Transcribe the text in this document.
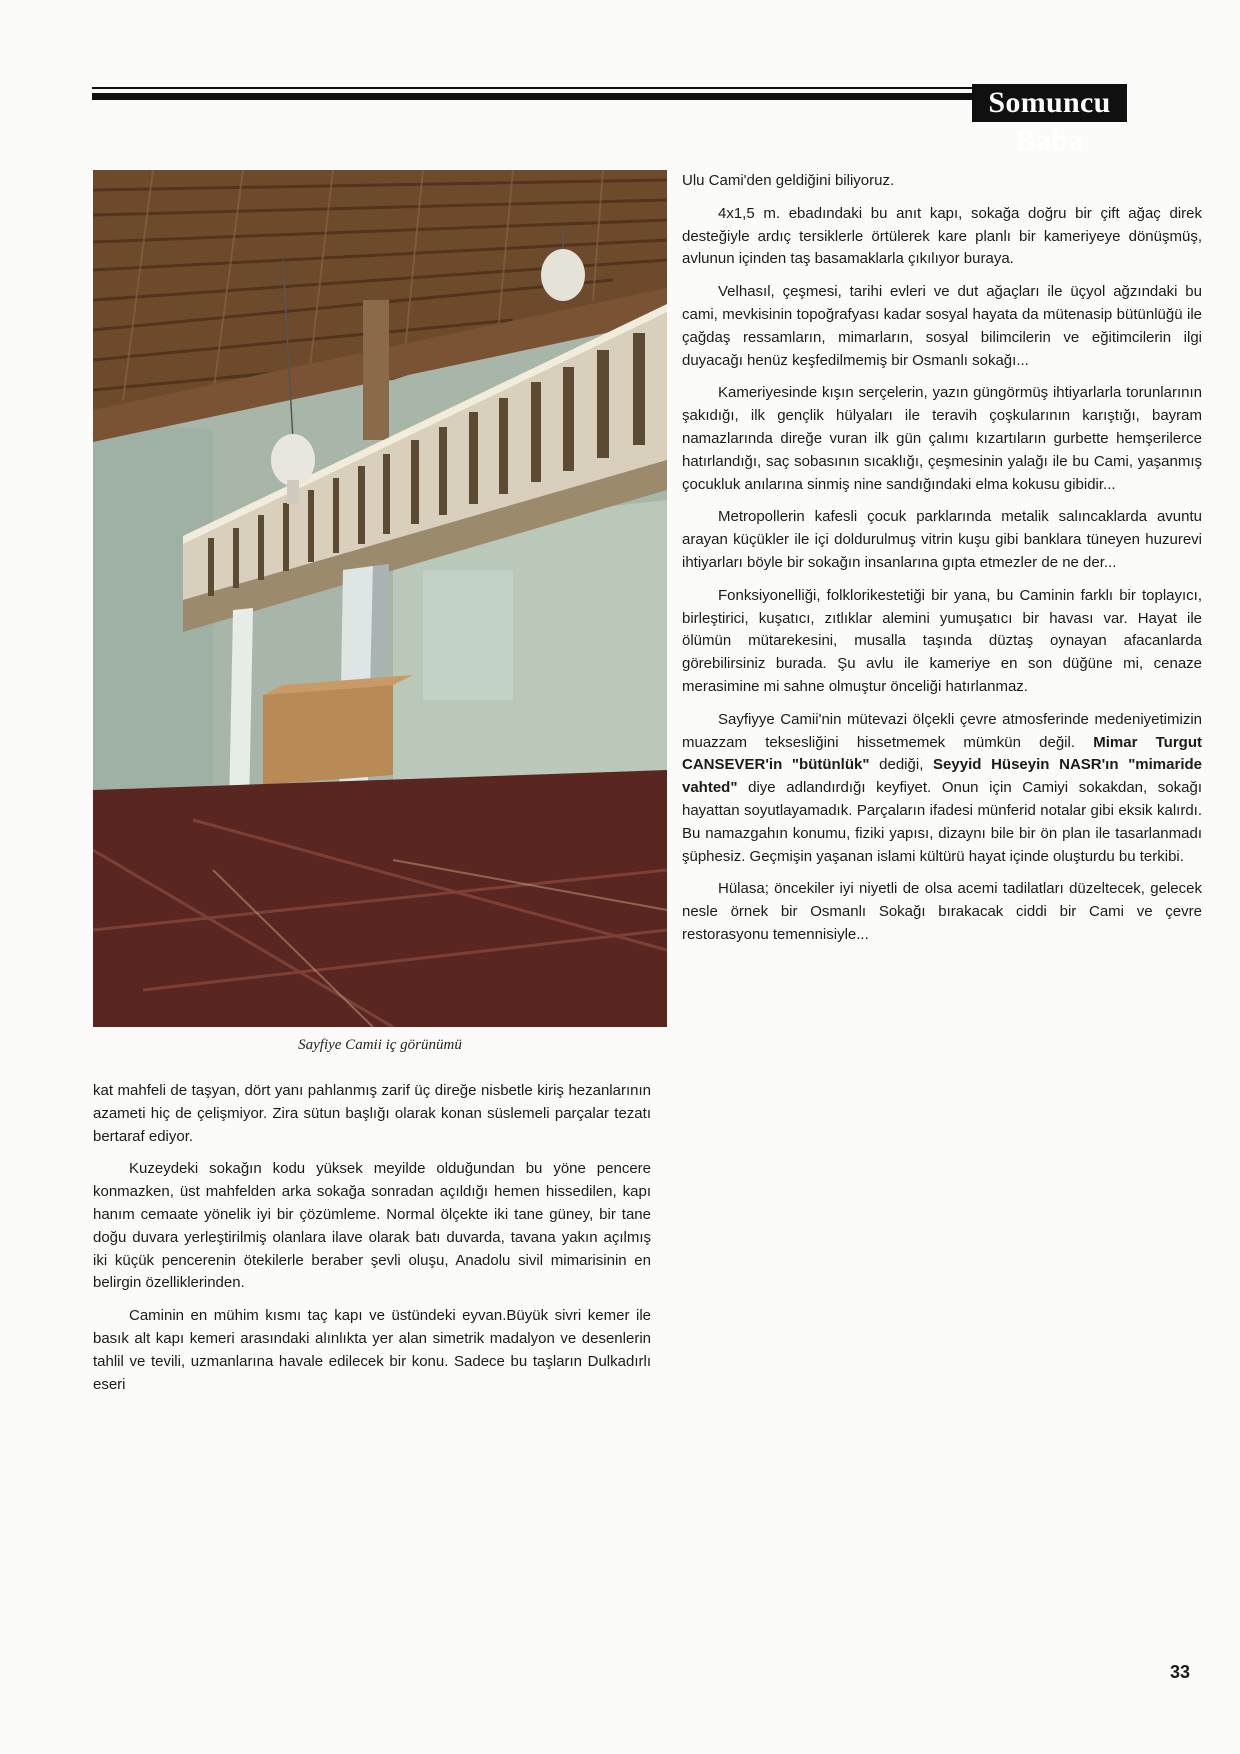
Somuncu Baba
Sayfiye Camii iç görünümü

kat mahfeli de taşyan, dört yanı pahlanmış zarif üç direğe nisbetle kiriş hezanlarının azameti hiç de çelişmiyor. Zira sütun başlığı olarak konan süslemeli parçalar tezatı bertaraf ediyor.

Kuzeydeki sokağın kodu yüksek meyilde olduğundan bu yöne pencere konmazken, üst mahfelden arka sokağa sonradan açıldığı hemen hissedilen, kapı hanım cemaate yönelik iyi bir çözümleme. Normal ölçekte iki tane güney, bir tane doğu duvara yerleştirilmiş olanlara ilave olarak batı duvarda, tavana yakın açılmış iki küçük pencerenin ötekilerle beraber şevli oluşu, Anadolu sivil mimarisinin en belirgin özelliklerinden.

Caminin en mühim kısmı taç kapı ve üstündeki eyvan.Büyük sivri kemer ile basık alt kapı kemeri arasındaki alınlıkta yer alan simetrik madalyon ve desenlerin tahlil ve tevili, uzmanlarına havale edilecek bir konu. Sadece bu taşların Dulkadırlı eseri

Ulu Cami'den geldiğini biliyoruz.

4x1,5 m. ebadındaki bu anıt kapı, sokağa doğru bir çift ağaç direk desteğiyle ardıç tersiklerle örtülerek kare planlı bir kameriyeye dönüşmüş, avlunun içinden taş basamaklarla çıkılıyor buraya.

Velhasıl, çeşmesi, tarihi evleri ve dut ağaçları ile üçyol ağzındaki bu cami, mevkisinin topoğrafyası kadar sosyal hayata da mütenasip bütünlüğü ile çağdaş ressamların, mimarların, sosyal bilimcilerin ve eğitimcilerin ilgi duyacağı henüz keşfedilmemiş bir Osmanlı sokağı...

Kameriyesinde kışın serçelerin, yazın güngörmüş ihtiyarlarla torunlarının şakıdığı, ilk gençlik hülyaları ile teravih çoşkularının karıştığı, bayram namazlarında direğe vuran ilk gün çalımı kızartıların gurbette hemşerilerce hatırlandığı, saç sobasının sıcaklığı, çeşmesinin yalağı ile bu Cami, yaşanmış çocukluk anılarına sinmiş nine sandığındaki elma kokusu gibidir...

Metropollerin kafesli çocuk parklarında metalik salıncaklarda avuntu arayan küçükler ile içi doldurulmuş vitrin kuşu gibi banklara tüneyen huzurevi ihtiyarları böyle bir sokağın insanlarına gıpta etmezler de ne der...

Fonksiyonelliği, folklorikestetiği bir yana, bu Caminin farklı bir toplayıcı, birleştirici, kuşatıcı, zıtlıklar alemini yumuşatıcı bir havası var. Hayat ile ölümün mütarekesini, musalla taşında düztaş oynayan afacanlarda görebilirsiniz burada. Şu avlu ile kameriye en son düğüne mi, cenaze merasimine mi sahne olmuştur önceliği hatırlanmaz.

Sayfiyye Camii'nin mütevazi ölçekli çevre atmosferinde medeniyetimizin muazzam teksesliğini hissetmemek mümkün değil. Mimar Turgut CANSEVER'in "bütünlük" dediği, Seyyid Hüseyin NASR'ın "mimaride vahted" diye adlandırdığı keyfiyet. Onun için Camiyi sokakdan, sokağı hayattan soyutlayamadık. Parçaların ifadesi münferid notalar gibi eksik kalırdı. Bu namazgahın konumu, fiziki yapısı, dizaynı bile bir ön plan ile tasarlanmadı şüphesiz. Geçmişin yaşanan islami kültürü hayat içinde oluşturdu bu terkibi.

Hülasa; öncekiler iyi niyetli de olsa acemi tadilatları düzeltecek, gelecek nesle örnek bir Osmanlı Sokağı bırakacak ciddi bir Cami ve çevre restorasyonu temennisiyle...

33
